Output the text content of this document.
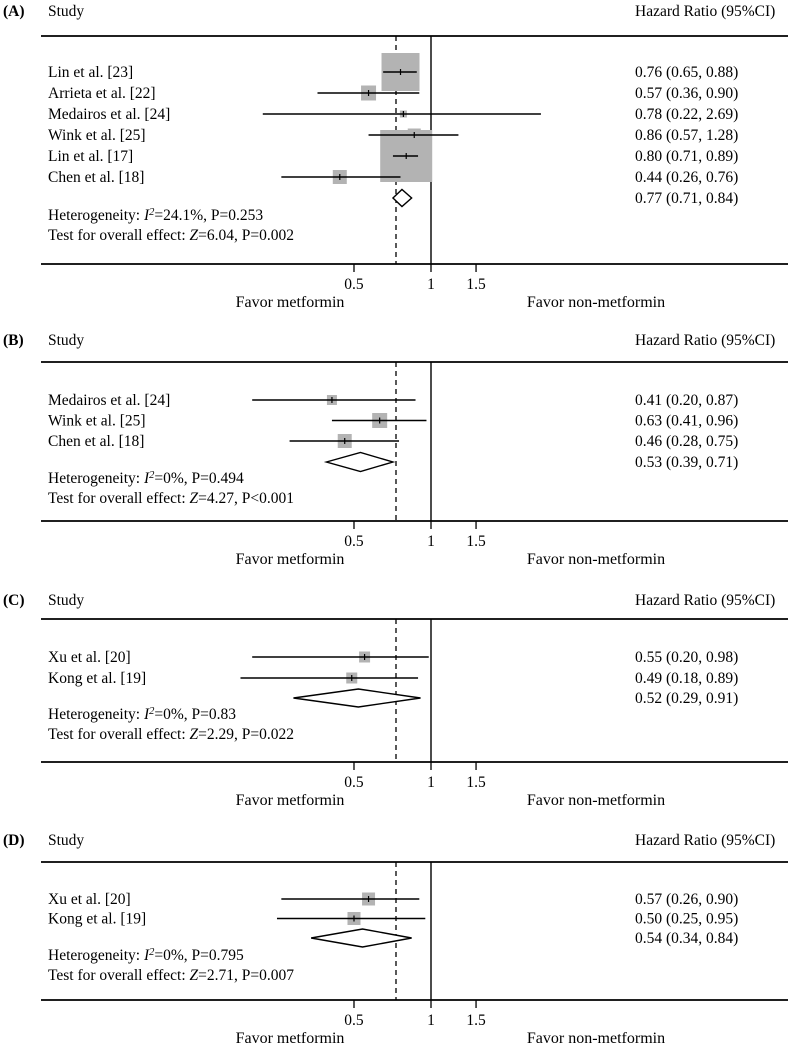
(A) Study	Hazard Ratio (95%CI)
Lin et al. [23]	0.76 (0.65, 0.88)
Arrieta et al. [22]	0.57 (0.36, 0.90)
Medairos et al. [24]	0.78 (0.22, 2.69)
Wink et al. [25]	0.86 (0.57, 1.28)
Lin et al. [17]	0.80 (0.71, 0.89)
Chen et al. [18]	0.44 (0.26, 0.76)
0.77 (0.71, 0.84)
Heterogeneity: $I^2=24.1\%$, P=0.253
Test for overall effect: Z=6.04, P=0.002
0.5	1 1.5
Favor metformin	Favor non-metformin
(B) Study	Hazard Ratio (95%CI)
Medairos et al. [24]	0.41 (0.20, 0.87)
Wink et al. [25]	0.63 (0.41, 0.96)
Chen et al. [18]	0.46 (0.28, 0.75)
0.53 (0.39, 0.71)
Heterogeneity: $I^2=0\%$, P=0.494
Test for overall effect: Z=4.27, P<0.001
0.5	1 1.5
Favor metformin	Favor non-metformin
(C) Study	Hazard Ratio (95%CI)
Xu et al. [20]	0.55 (0.20, 0.98)
Kong et al. [19]	0.49 (0.18, 0.89)
0.52 (0.29, 0.91)
Heterogeneity: $I^2=0\%$, P=0.83
Test for overall effect: Z=2.29, P=0.022
0.5	1 1.5
Favor metformin	Favor non-metformin
(D) Study	Hazard Ratio (95%CI)
Xu et al. [20]	0.57 (0.26, 0.90)
Kong et al. [19]	0.50 (0.25, 0.95)
0.54 (0.34, 0.84)
Heterogeneity: $I^2=0\%$, P=0.795
Test for overall effect: Z=2.71, P=0.007
0.5	1 1.5
Favor metformin	Favor non-metformin
